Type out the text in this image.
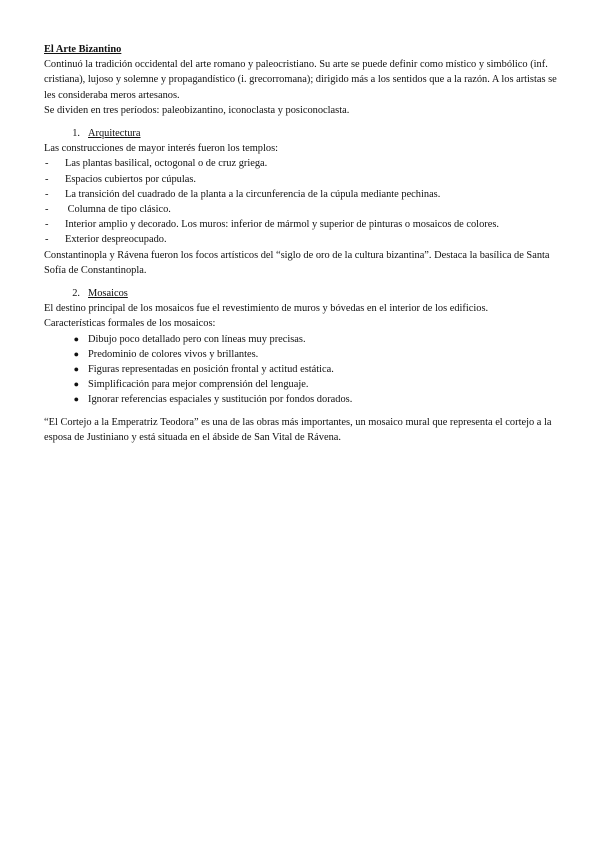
El Arte Bizantino

Continuó la tradición occidental del arte romano y paleocristiano. Su arte se puede definir como místico y simbólico (inf. cristiana), lujoso y solemne y propagandístico (i. grecorromana); dirigido más a los sentidos que a la razón. A los artistas se les consideraba meros artesanos.

Se dividen en tres períodos: paleobizantino, iconoclasta y posiconoclasta.

1. Arquitectura

Las construcciones de mayor interés fueron los templos:

-	Las plantas basilical, octogonal o de cruz griega.
-	Espacios cubiertos por cúpulas.
-	La transición del cuadrado de la planta a la circunferencia de la cúpula mediante pechinas.
-	Columna de tipo clásico.
-	Interior amplio y decorado. Los muros: inferior de mármol y superior de pinturas o mosaicos de colores.
-	Exterior despreocupado.

Constantinopla y Rávena fueron los focos artísticos del “siglo de oro de la cultura bizantina”. Destaca la basílica de Santa Sofía de Constantinopla.

2. Mosaicos

El destino principal de los mosaicos fue el revestimiento de muros y bóvedas en el interior de los edificios.

Características formales de los mosaicos:

● Dibujo poco detallado pero con líneas muy precisas.
● Predominio de colores vivos y brillantes.
● Figuras representadas en posición frontal y actitud estática.
● Simplificación para mejor comprensión del lenguaje.
● Ignorar referencias espaciales y sustitución por fondos dorados.

“El Cortejo a la Emperatriz Teodora” es una de las obras más importantes, un mosaico mural que representa el cortejo a la esposa de Justiniano y está situada en el ábside de San Vital de Rávena.
